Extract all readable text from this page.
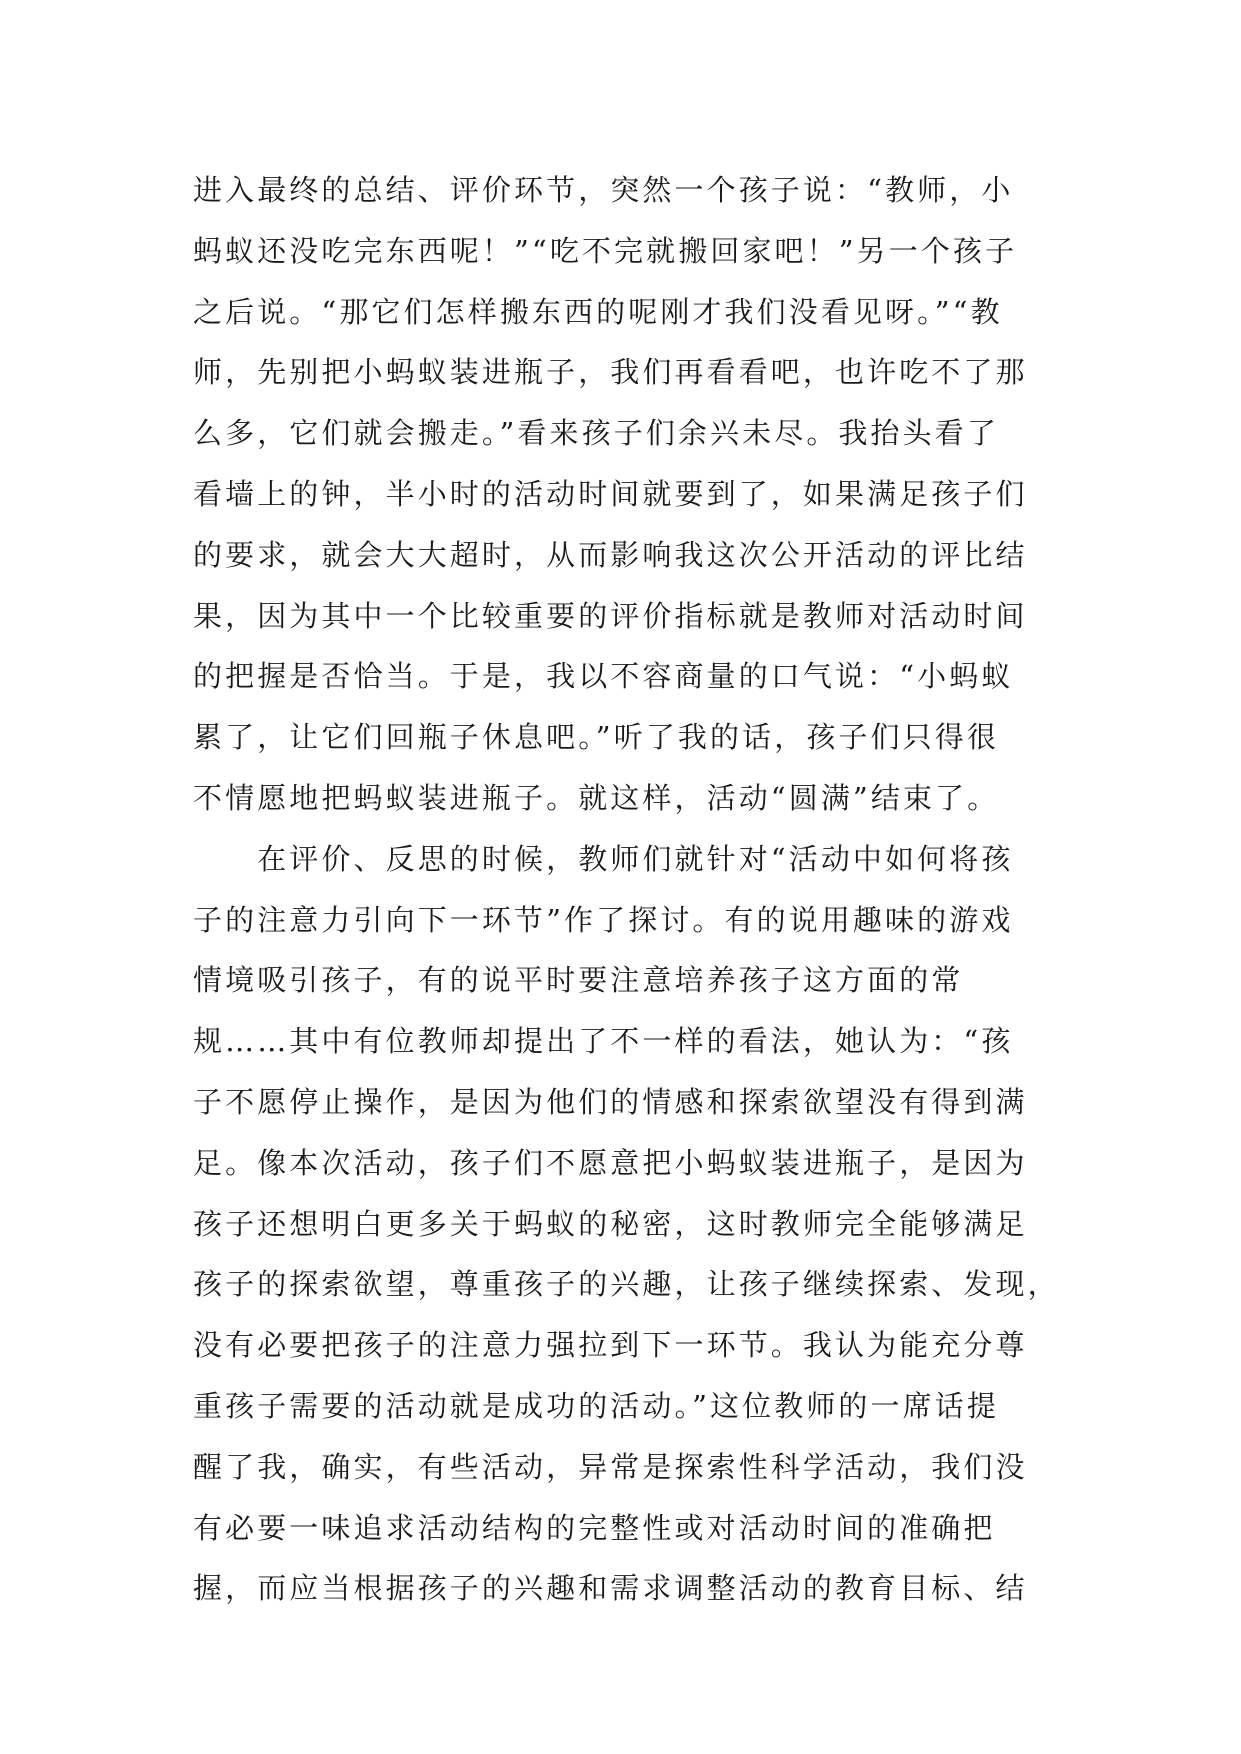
进入最终的总结、评价环节，突然一个孩子说：“教师，小
蚂蚁还没吃完东西呢！”“吃不完就搬回家吧！”另一个孩子
之后说。“那它们怎样搬东西的呢刚才我们没看见呀。”“教
师，先别把小蚂蚁装进瓶子，我们再看看吧，也许吃不了那
么多，它们就会搬走。”看来孩子们余兴未尽。我抬头看了
看墙上的钟，半小时的活动时间就要到了，如果满足孩子们
的要求，就会大大超时，从而影响我这次公开活动的评比结
果，因为其中一个比较重要的评价指标就是教师对活动时间
的把握是否恰当。于是，我以不容商量的口气说：“小蚂蚁
累了，让它们回瓶子休息吧。”听了我的话，孩子们只得很
不情愿地把蚂蚁装进瓶子。就这样，活动“圆满”结束了。
　　在评价、反思的时候，教师们就针对“活动中如何将孩
子的注意力引向下一环节”作了探讨。有的说用趣味的游戏
情境吸引孩子，有的说平时要注意培养孩子这方面的常
规……其中有位教师却提出了不一样的看法，她认为：“孩
子不愿停止操作，是因为他们的情感和探索欲望没有得到满
足。像本次活动，孩子们不愿意把小蚂蚁装进瓶子，是因为
孩子还想明白更多关于蚂蚁的秘密，这时教师完全能够满足
孩子的探索欲望，尊重孩子的兴趣，让孩子继续探索、发现，
没有必要把孩子的注意力强拉到下一环节。我认为能充分尊
重孩子需要的活动就是成功的活动。”这位教师的一席话提
醒了我，确实，有些活动，异常是探索性科学活动，我们没
有必要一味追求活动结构的完整性或对活动时间的准确把
握，而应当根据孩子的兴趣和需求调整活动的教育目标、结
